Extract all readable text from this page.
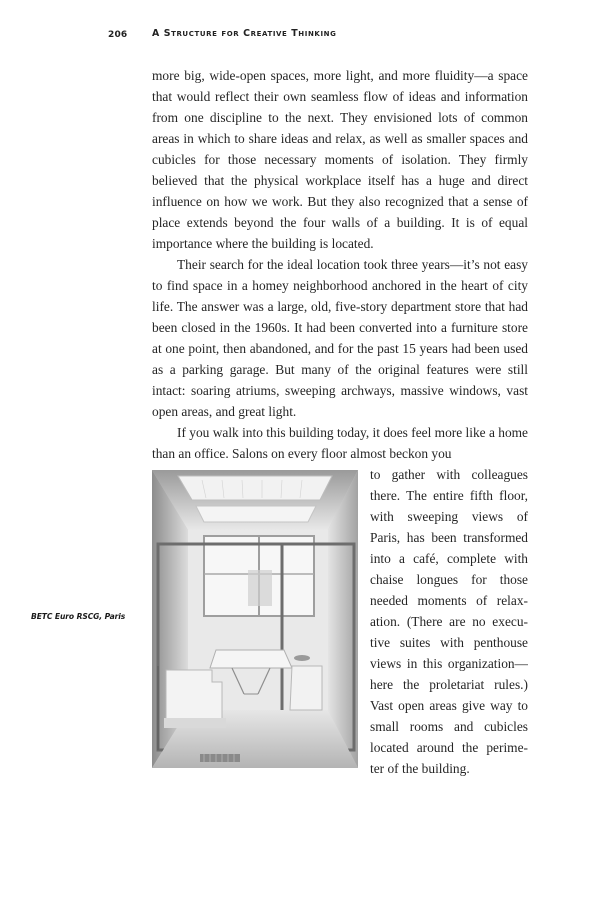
206	A Structure for Creative Thinking

more big, wide-open spaces, more light, and more fluidity—a space that would reflect their own seamless flow of ideas and information from one discipline to the next. They envisioned lots of common areas in which to share ideas and relax, as well as smaller spaces and cubicles for those necessary moments of isolation. They firmly believed that the physical workplace itself has a huge and direct influence on how we work. But they also recognized that a sense of place extends beyond the four walls of a building. It is of equal importance where the building is located.

Their search for the ideal location took three years—it’s not easy to find space in a homey neighborhood anchored in the heart of city life. The answer was a large, old, five-story department store that had been closed in the 1960s. It had been converted into a furniture store at one point, then abandoned, and for the past 15 years had been used as a parking garage. But many of the original features were still intact: soaring atriums, sweeping archways, massive windows, vast open areas, and great light.

If you walk into this building today, it does feel more like a home than an office. Salons on every floor almost beckon you

BETC Euro RSCG, Paris
to gather with colleagues
there. The entire fifth floor,
with sweeping views of
Paris, has been transformed
into a café, complete with
chaise longues for those
needed moments of relax-
ation. (There are no execu-
tive suites with penthouse
views in this organization—
here the proletariat rules.)
Vast open areas give way to
small rooms and cubicles
located around the perime-
ter of the building.
